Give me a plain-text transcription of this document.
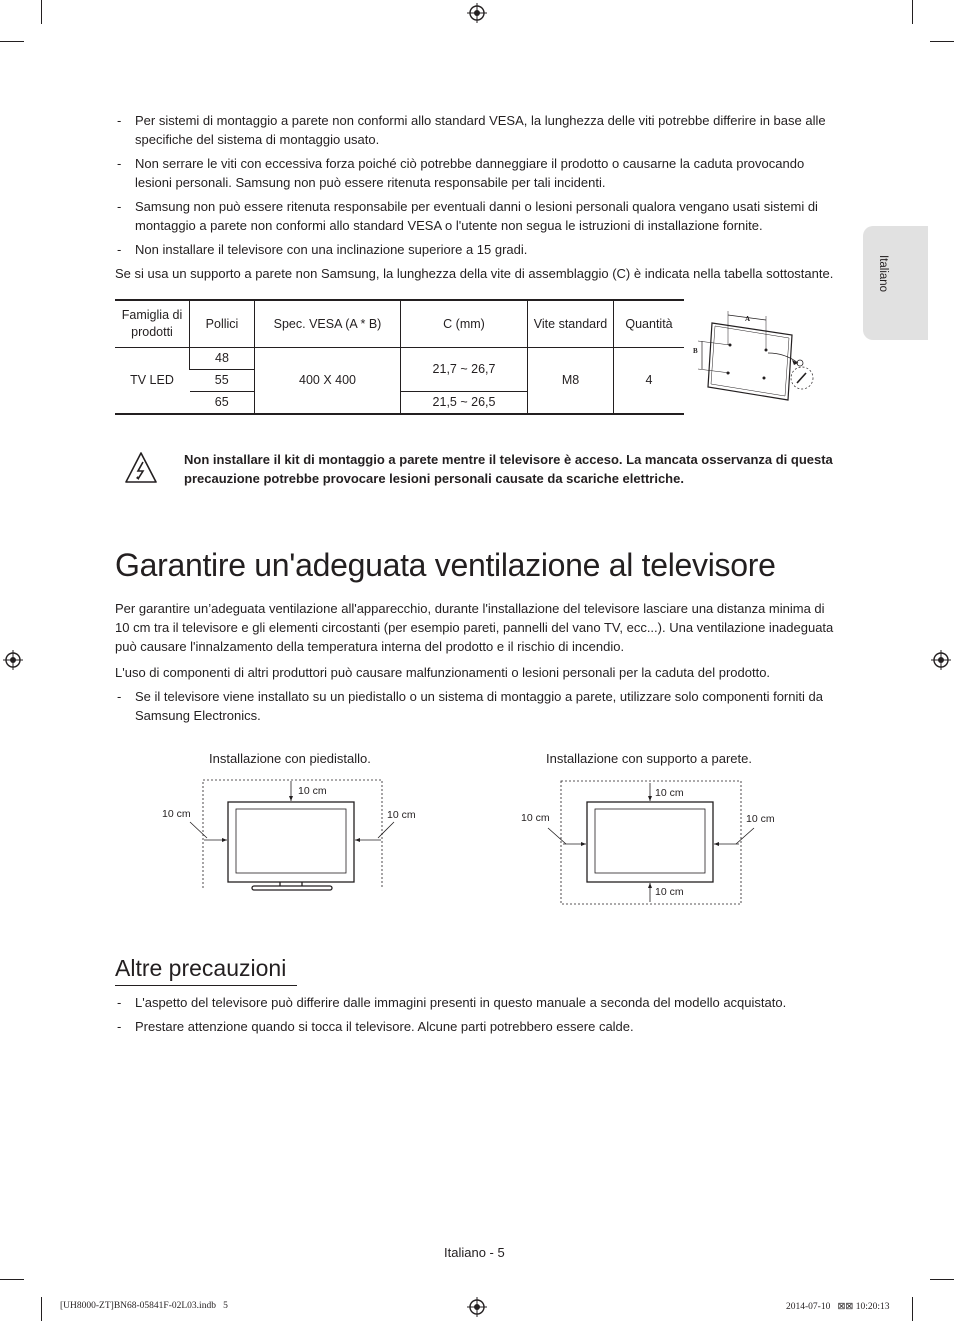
Italiano
- Per sistemi di montaggio a parete non conformi allo standard VESA, la lunghezza delle viti potrebbe differire in base alle specifiche del sistema di montaggio usato.
- Non serrare le viti con eccessiva forza poiché ciò potrebbe danneggiare il prodotto o causarne la caduta provocando lesioni personali. Samsung non può essere ritenuta responsabile per tali incidenti.
- Samsung non può essere ritenuta responsabile per eventuali danni o lesioni personali qualora vengano usati sistemi di montaggio a parete non conformi allo standard VESA o l'utente non segua le istruzioni di installazione fornite.
- Non installare il televisore con una inclinazione superiore a 15 gradi.
Se si usa un supporto a parete non Samsung, la lunghezza della vite di assemblaggio (C) è indicata nella tabella sottostante.
Famiglia di prodotti	Pollici	Spec. VESA (A * B)	C (mm)	Vite standard	Quantità
TV LED	48	400 X 400	21,7 ~ 26,7	M8	4
	55				
	65		21,5 ~ 26,5		
A
B
Non installare il kit di montaggio a parete mentre il televisore è acceso. La mancata osservanza di questa precauzione potrebbe provocare lesioni personali causate da scariche elettriche.
Garantire un'adeguata ventilazione al televisore
Per garantire un’adeguata ventilazione all'apparecchio, durante l'installazione del televisore lasciare una distanza minima di 10 cm tra il televisore e gli elementi circostanti (per esempio pareti, pannelli del vano TV, ecc...). Una ventilazione inadeguata può causare l'innalzamento della temperatura interna del prodotto e il rischio di incendio.
L'uso di componenti di altri produttori può causare malfunzionamenti o lesioni personali per la caduta del prodotto.
- Se il televisore viene installato su un piedistallo o un sistema di montaggio a parete, utilizzare solo componenti forniti da Samsung Electronics.
Installazione con piedistallo.
10 cm
10 cm	10 cm
Installazione con supporto a parete.
10 cm
10 cm	10 cm
10 cm
Altre precauzioni
- L'aspetto del televisore può differire dalle immagini presenti in questo manuale a seconda del modello acquistato.
- Prestare attenzione quando si tocca il televisore. Alcune parti potrebbero essere calde.
Italiano - 5
[UH8000-ZT]BN68-05841F-02L03.indb   5	2014-07-10   ⊠⊠ 10:20:13
